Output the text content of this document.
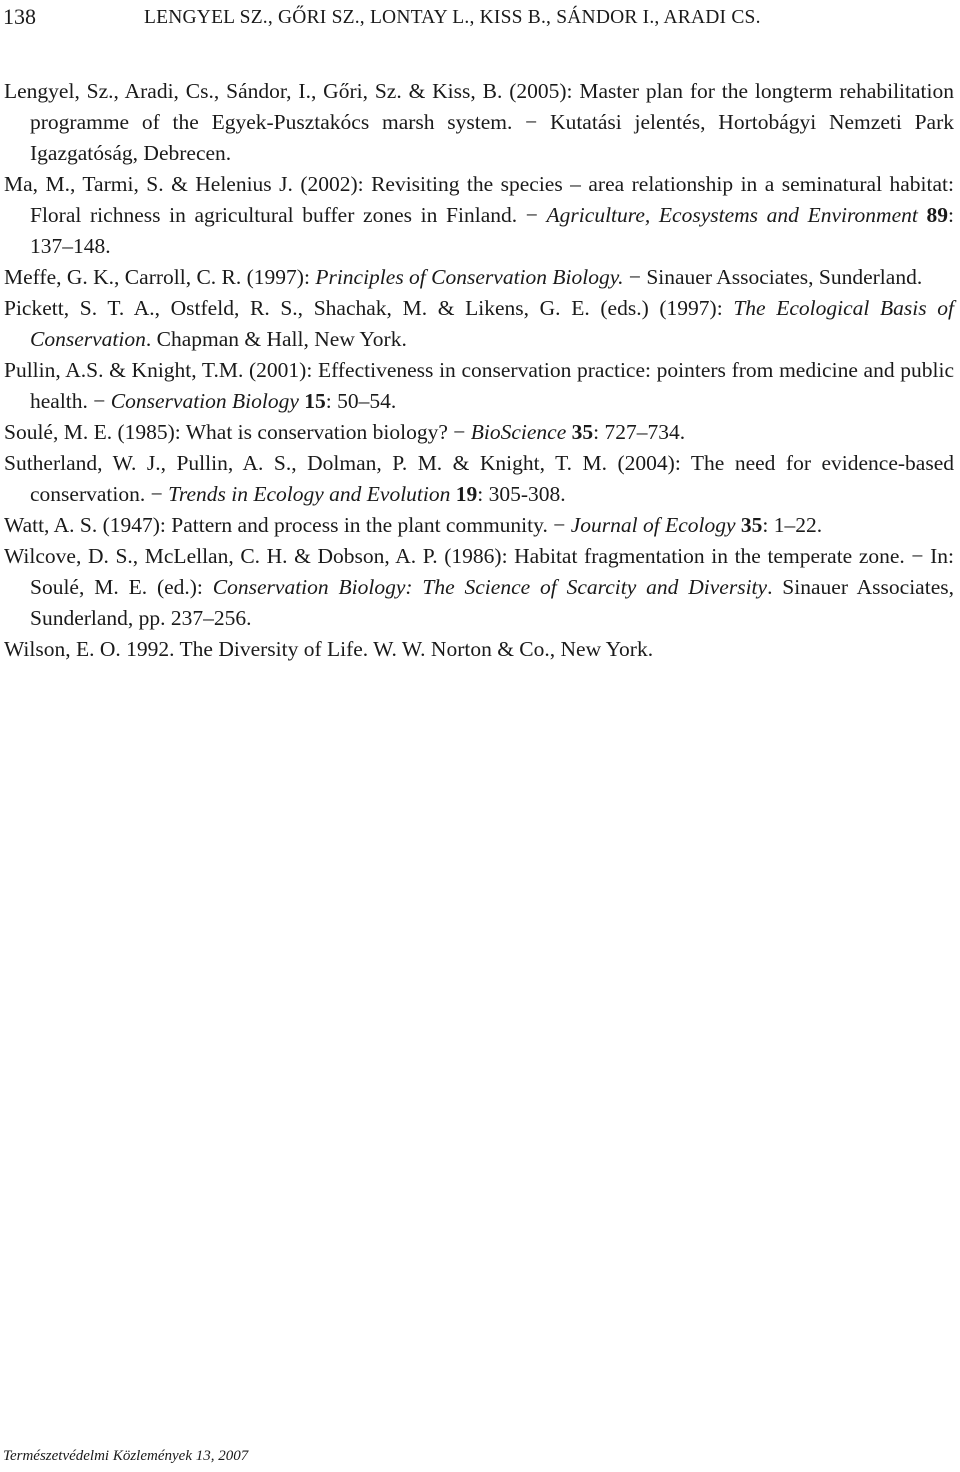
138	LENGYEL SZ., GŐRI SZ., LONTAY L., KISS B., SÁNDOR I., ARADI CS.
Lengyel, Sz., Aradi, Cs., Sándor, I., Gőri, Sz. & Kiss, B. (2005): Master plan for the longterm rehabilitation programme of the Egyek-Pusztakócs marsh system. − Kutatási jelentés, Hortobágyi Nemzeti Park Igazgatóság, Debrecen.
Ma, M., Tarmi, S. & Helenius J. (2002): Revisiting the species – area relationship in a seminatural habitat: Floral richness in agricultural buffer zones in Finland. − Agriculture, Ecosystems and Environment 89: 137–148.
Meffe, G. K., Carroll, C. R. (1997): Principles of Conservation Biology. − Sinauer Associates, Sunderland.
Pickett, S. T. A., Ostfeld, R. S., Shachak, M. & Likens, G. E. (eds.) (1997): The Ecological Basis of Conservation. Chapman & Hall, New York.
Pullin, A.S. & Knight, T.M. (2001): Effectiveness in conservation practice: pointers from medicine and public health. − Conservation Biology 15: 50–54.
Soulé, M. E. (1985): What is conservation biology? − BioScience 35: 727–734.
Sutherland, W. J., Pullin, A. S., Dolman, P. M. & Knight, T. M. (2004): The need for evidence-based conservation. − Trends in Ecology and Evolution 19: 305-308.
Watt, A. S. (1947): Pattern and process in the plant community. − Journal of Ecology 35: 1–22.
Wilcove, D. S., McLellan, C. H. & Dobson, A. P. (1986): Habitat fragmentation in the temperate zone. − In: Soulé, M. E. (ed.): Conservation Biology: The Science of Scarcity and Diversity. Sinauer Associates, Sunderland, pp. 237–256.
Wilson, E. O. 1992. The Diversity of Life. W. W. Norton & Co., New York.
Természetvédelmi Közlemények 13, 2007
